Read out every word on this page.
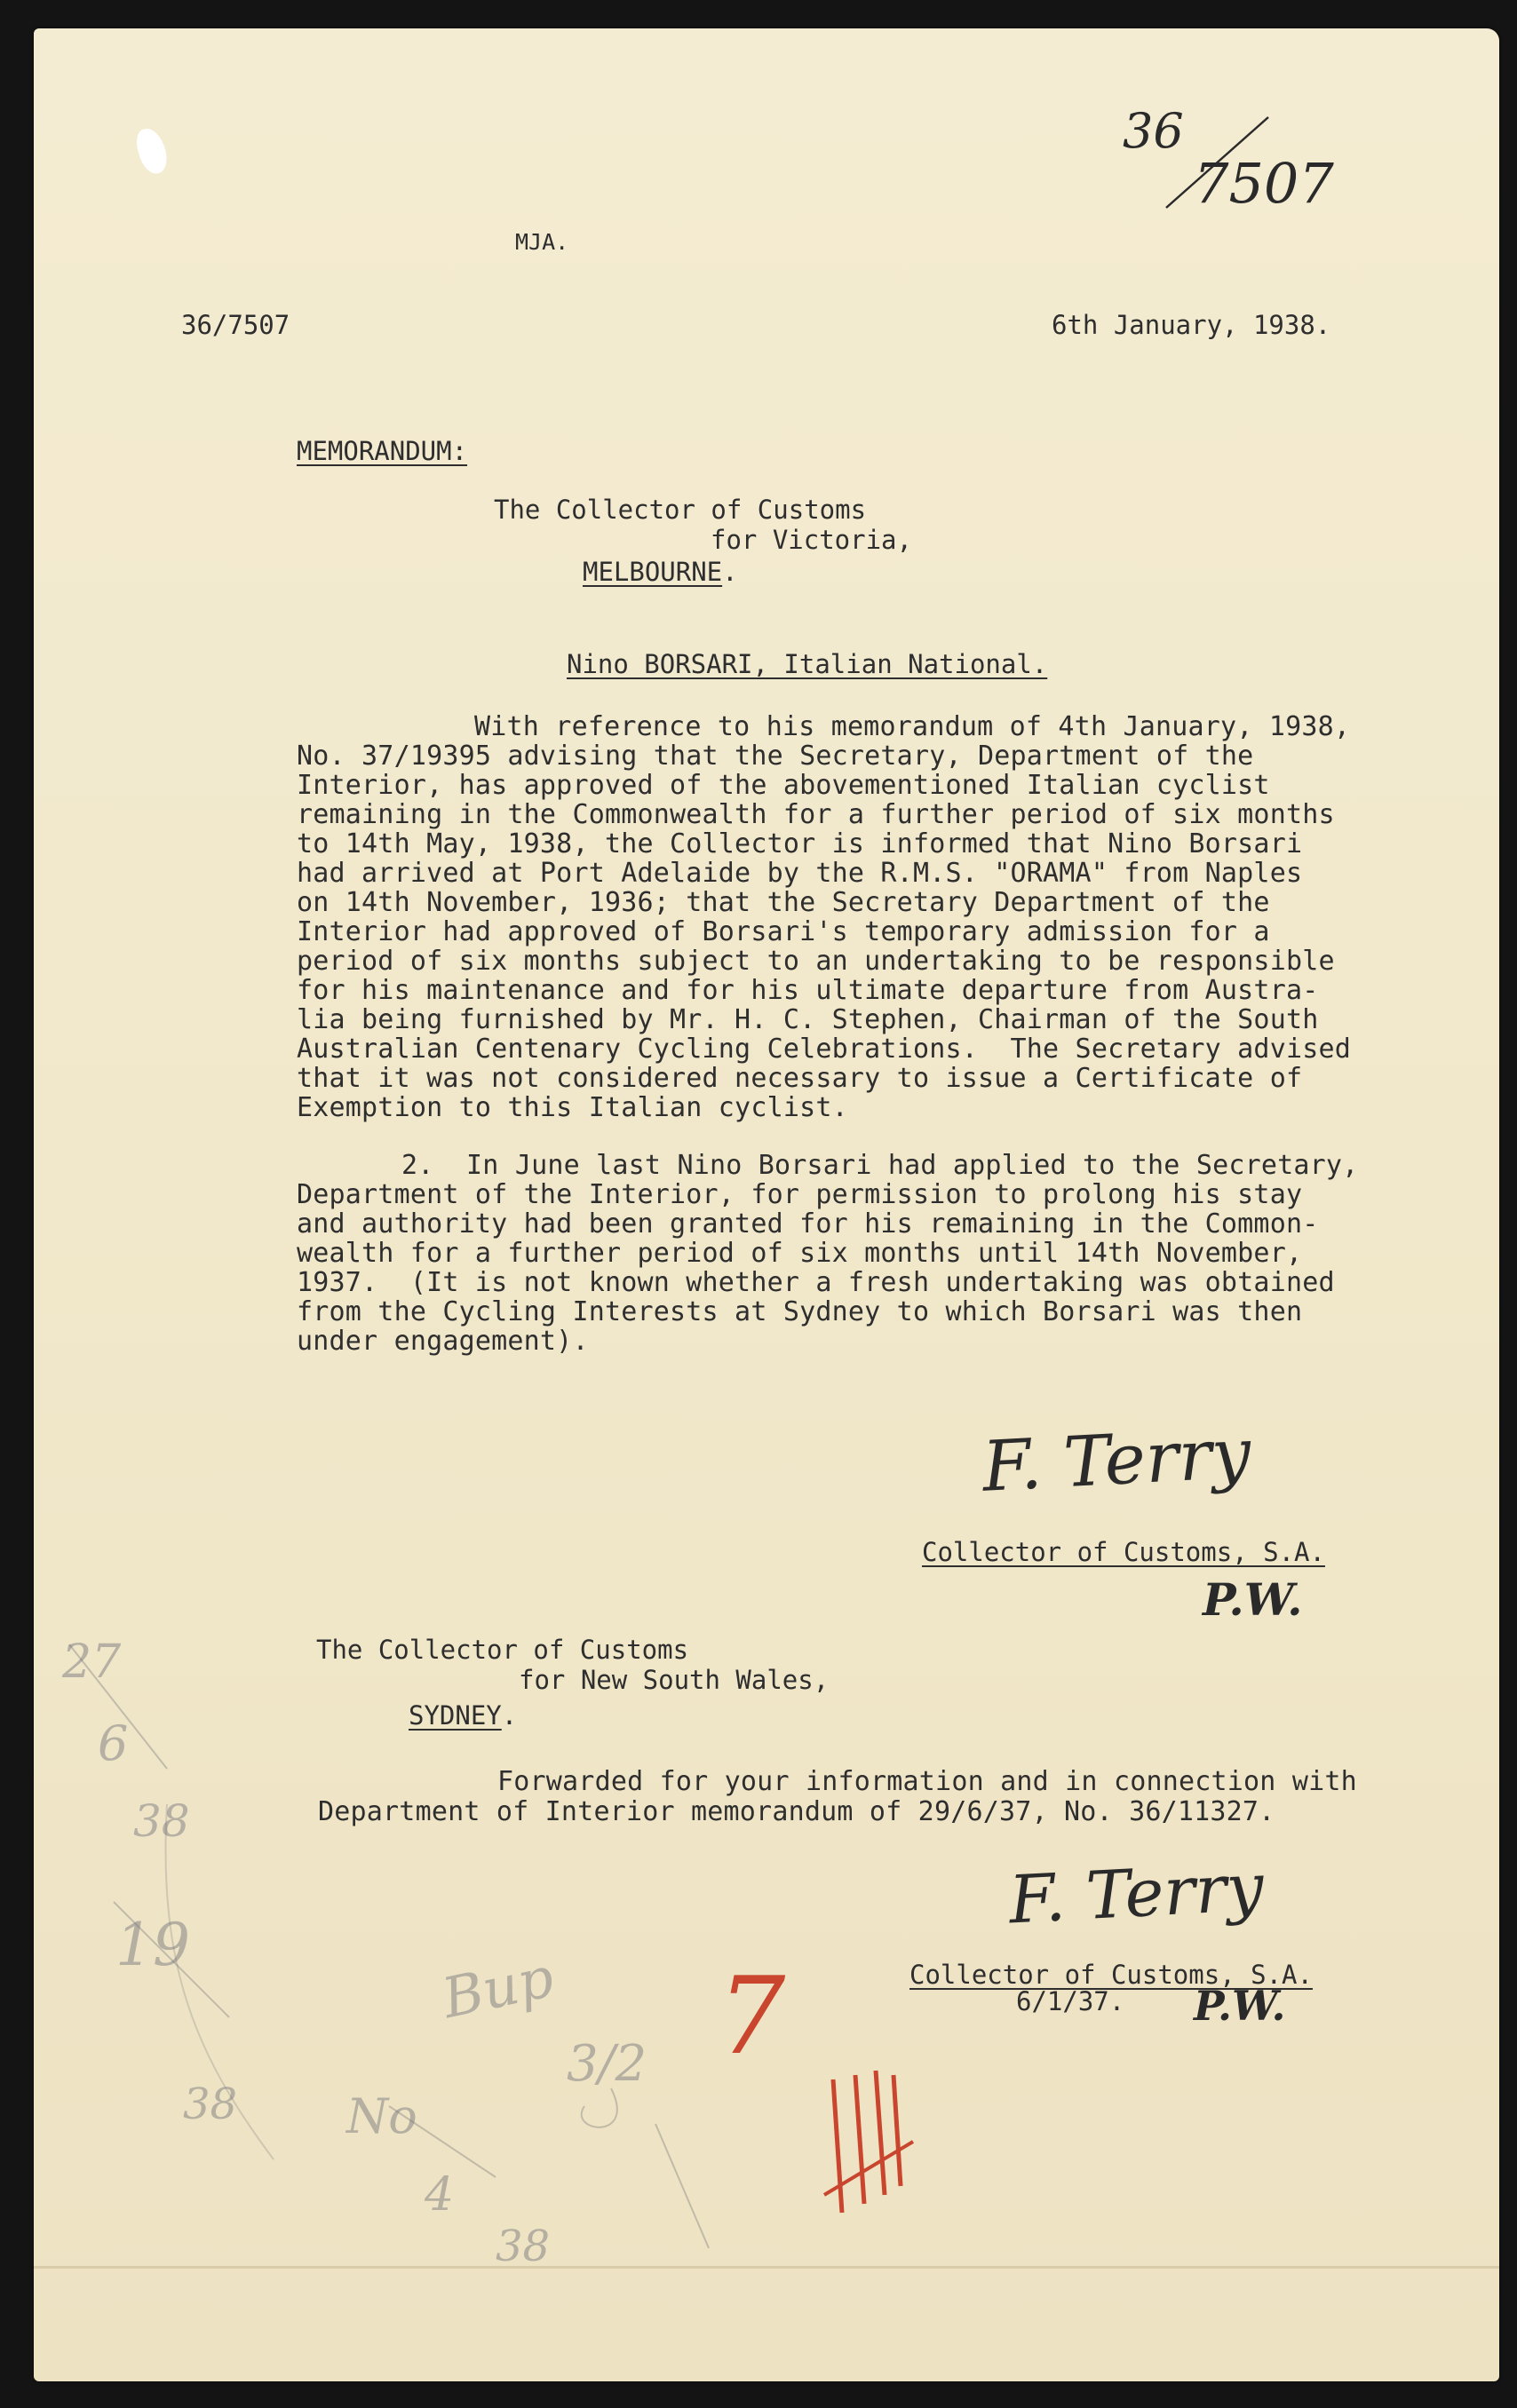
36
7507
MJA.
36/7507	6th January, 1938.
MEMORANDUM:
The Collector of Customs
for Victoria,
MELBOURNE.
Nino BORSARI, Italian National.
With reference to his memorandum of 4th January, 1938,
No. 37/19395 advising that the Secretary, Department of the
Interior, has approved of the abovementioned Italian cyclist
remaining in the Commonwealth for a further period of six months
to 14th May, 1938, the Collector is informed that Nino Borsari
had arrived at Port Adelaide by the R.M.S. "ORAMA" from Naples
on 14th November, 1936; that the Secretary Department of the
Interior had approved of Borsari's temporary admission for a
period of six months subject to an undertaking to be responsible
for his maintenance and for his ultimate departure from Austra-
lia being furnished by Mr. H. C. Stephen, Chairman of the South
Australian Centenary Cycling Celebrations.  The Secretary advised
that it was not considered necessary to issue a Certificate of
Exemption to this Italian cyclist.
2.  In June last Nino Borsari had applied to the Secretary,
Department of the Interior, for permission to prolong his stay
and authority had been granted for his remaining in the Common-
wealth for a further period of six months until 14th November,
1937.  (It is not known whether a fresh undertaking was obtained
from the Cycling Interests at Sydney to which Borsari was then
under engagement).
F. Terry
Collector of Customs, S.A.
P.W.
The Collector of Customs
for New South Wales,
SYDNEY.
Forwarded for your information and in connection with
Department of Interior memorandum of 29/6/37, No. 36/11327.
F. Terry
Collector of Customs, S.A.
6/1/37. P.W.
27
6
38
19
38
Bup
No
4
38
3/2 7
